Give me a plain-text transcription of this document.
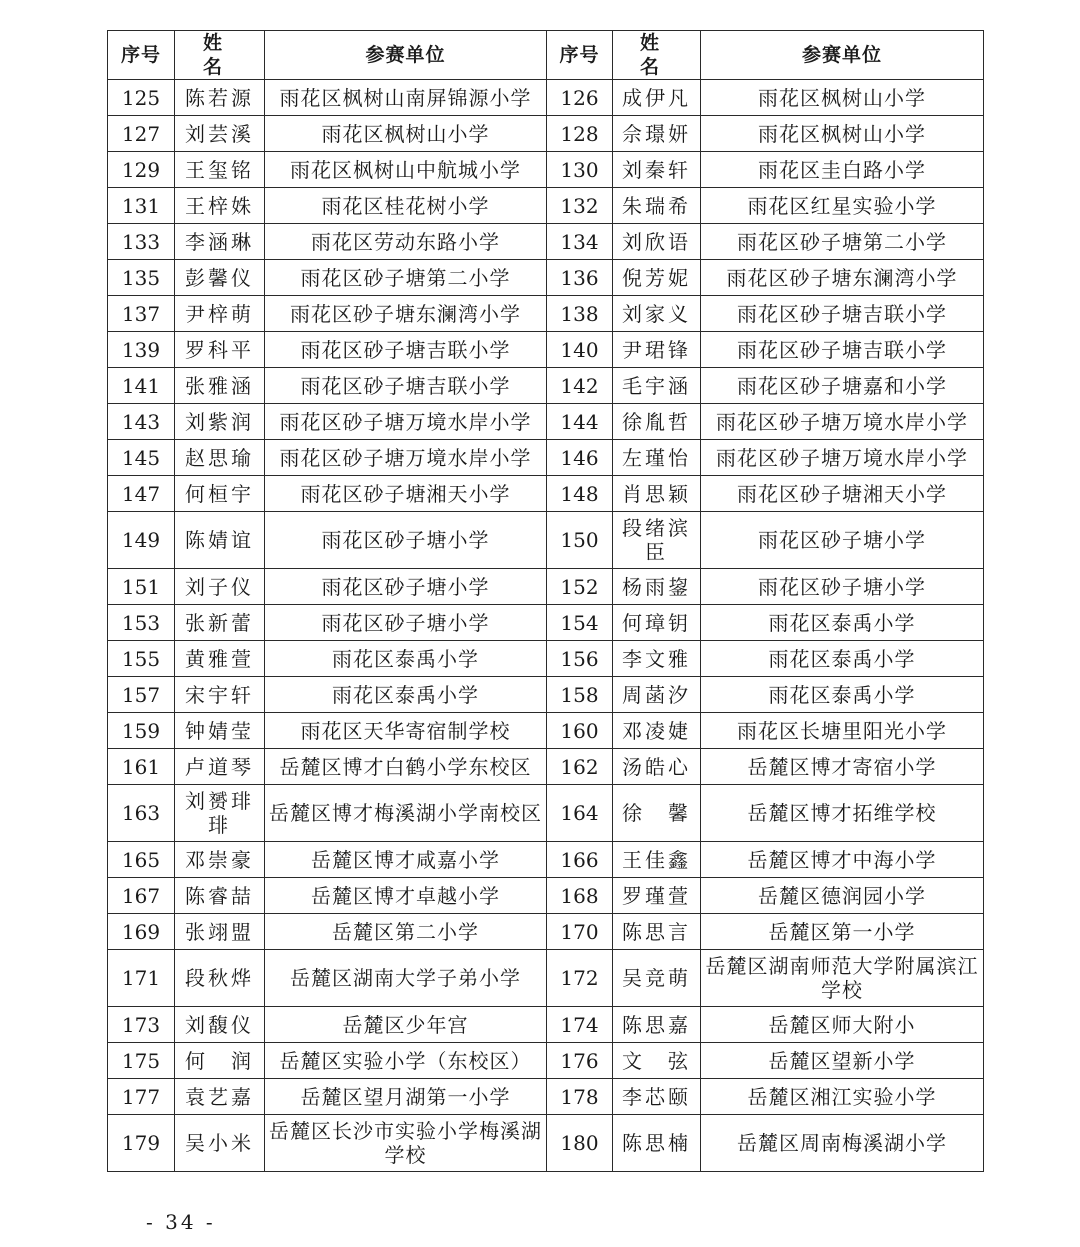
序号	姓　名	参赛单位	序号	姓　名	参赛单位
125	陈若源	雨花区枫树山南屏锦源小学	126	成伊凡	雨花区枫树山小学
127	刘芸溪	雨花区枫树山小学	128	佘璟妍	雨花区枫树山小学
129	王玺铭	雨花区枫树山中航城小学	130	刘秦轩	雨花区圭白路小学
131	王梓姝	雨花区桂花树小学	132	朱瑞希	雨花区红星实验小学
133	李涵琳	雨花区劳动东路小学	134	刘欣语	雨花区砂子塘第二小学
135	彭馨仪	雨花区砂子塘第二小学	136	倪芳妮	雨花区砂子塘东澜湾小学
137	尹梓萌	雨花区砂子塘东澜湾小学	138	刘家义	雨花区砂子塘吉联小学
139	罗科平	雨花区砂子塘吉联小学	140	尹珺锋	雨花区砂子塘吉联小学
141	张雅涵	雨花区砂子塘吉联小学	142	毛宇涵	雨花区砂子塘嘉和小学
143	刘紫润	雨花区砂子塘万境水岸小学	144	徐胤哲	雨花区砂子塘万境水岸小学
145	赵思瑜	雨花区砂子塘万境水岸小学	146	左瑾怡	雨花区砂子塘万境水岸小学
147	何桓宇	雨花区砂子塘湘天小学	148	肖思颖	雨花区砂子塘湘天小学
149	陈婧谊	雨花区砂子塘小学	150	段绪滨臣	雨花区砂子塘小学
151	刘子仪	雨花区砂子塘小学	152	杨雨鋆	雨花区砂子塘小学
153	张新蕾	雨花区砂子塘小学	154	何璋钥	雨花区泰禹小学
155	黄雅萱	雨花区泰禹小学	156	李文雅	雨花区泰禹小学
157	宋宇轩	雨花区泰禹小学	158	周菡汐	雨花区泰禹小学
159	钟婧莹	雨花区天华寄宿制学校	160	邓凌婕	雨花区长塘里阳光小学
161	卢道琴	岳麓区博才白鹤小学东校区	162	汤皓心	岳麓区博才寄宿小学
163	刘赟琲琲	岳麓区博才梅溪湖小学南校区	164	徐　馨	岳麓区博才拓维学校
165	邓崇豪	岳麓区博才咸嘉小学	166	王佳鑫	岳麓区博才中海小学
167	陈睿喆	岳麓区博才卓越小学	168	罗瑾萱	岳麓区德润园小学
169	张翊盟	岳麓区第二小学	170	陈思言	岳麓区第一小学
171	段秋烨	岳麓区湖南大学子弟小学	172	吴竞萌	岳麓区湖南师范大学附属滨江学校
173	刘馥仪	岳麓区少年宫	174	陈思嘉	岳麓区师大附小
175	何　润	岳麓区实验小学（东校区）	176	文　弦	岳麓区望新小学
177	袁艺嘉	岳麓区望月湖第一小学	178	李芯颐	岳麓区湘江实验小学
179	吴小米	岳麓区长沙市实验小学梅溪湖学校	180	陈思楠	岳麓区周南梅溪湖小学
- 34 -
